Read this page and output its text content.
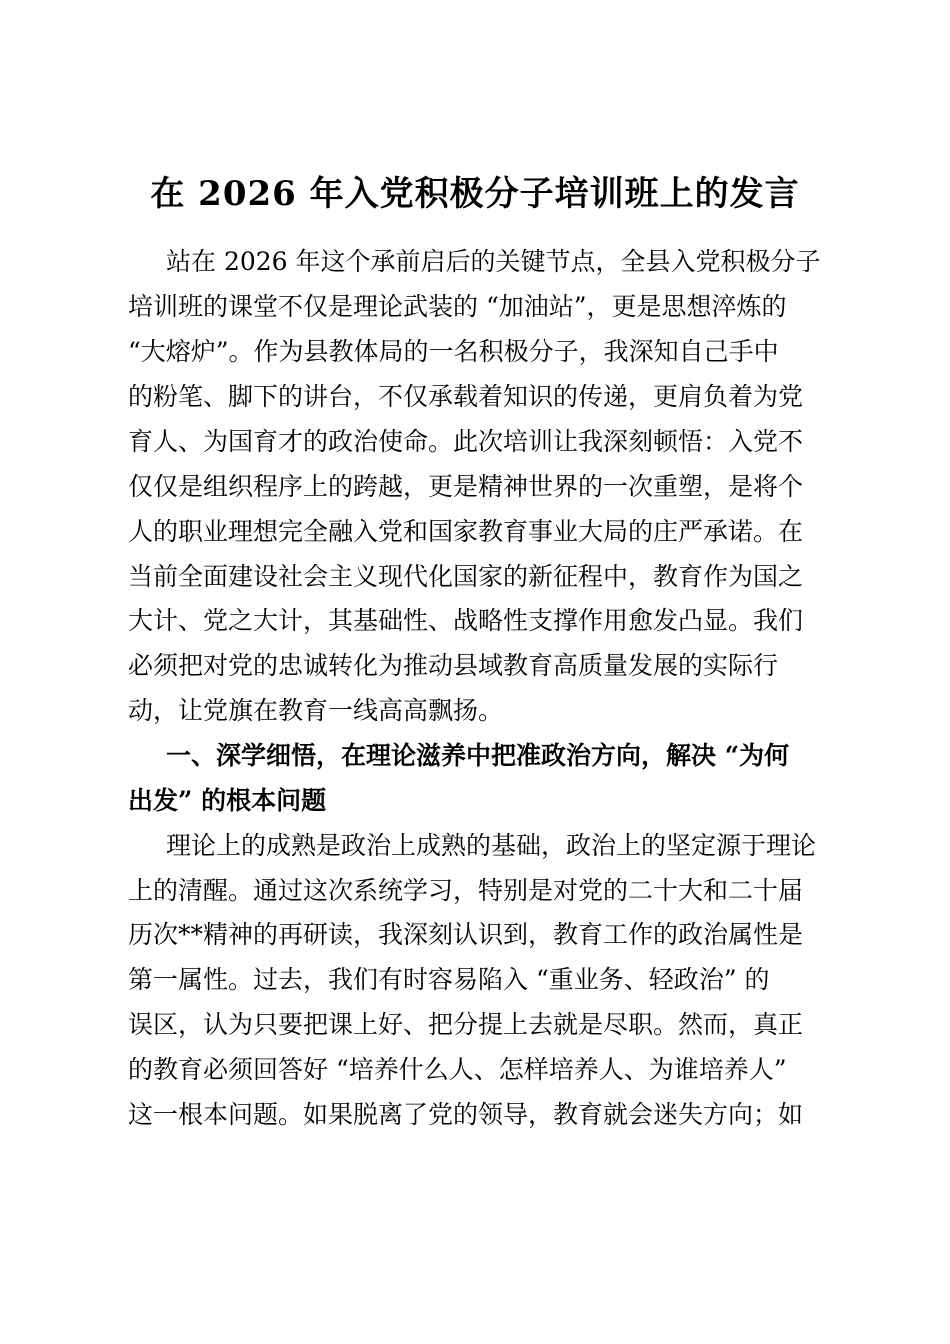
在 2026 年入党积极分子培训班上的发言
站在 2026 年这个承前启后的关键节点，全县入党积极分子
培训班的课堂不仅是理论武装的 “加油站”，更是思想淬炼的
“大熔炉”。作为县教体局的一名积极分子，我深知自己手中
的粉笔、脚下的讲台，不仅承载着知识的传递，更肩负着为党
育人、为国育才的政治使命。此次培训让我深刻顿悟：入党不
仅仅是组织程序上的跨越，更是精神世界的一次重塑，是将个
人的职业理想完全融入党和国家教育事业大局的庄严承诺。在
当前全面建设社会主义现代化国家的新征程中，教育作为国之
大计、党之大计，其基础性、战略性支撑作用愈发凸显。我们
必须把对党的忠诚转化为推动县域教育高质量发展的实际行
动，让党旗在教育一线高高飘扬。
一、深学细悟，在理论滋养中把准政治方向，解决 “为何
出发” 的根本问题
理论上的成熟是政治上成熟的基础，政治上的坚定源于理论
上的清醒。通过这次系统学习，特别是对党的二十大和二十届
历次**精神的再研读，我深刻认识到，教育工作的政治属性是
第一属性。过去，我们有时容易陷入 “重业务、轻政治” 的
误区，认为只要把课上好、把分提上去就是尽职。然而，真正
的教育必须回答好 “培养什么人、怎样培养人、为谁培养人”
这一根本问题。如果脱离了党的领导，教育就会迷失方向；如
